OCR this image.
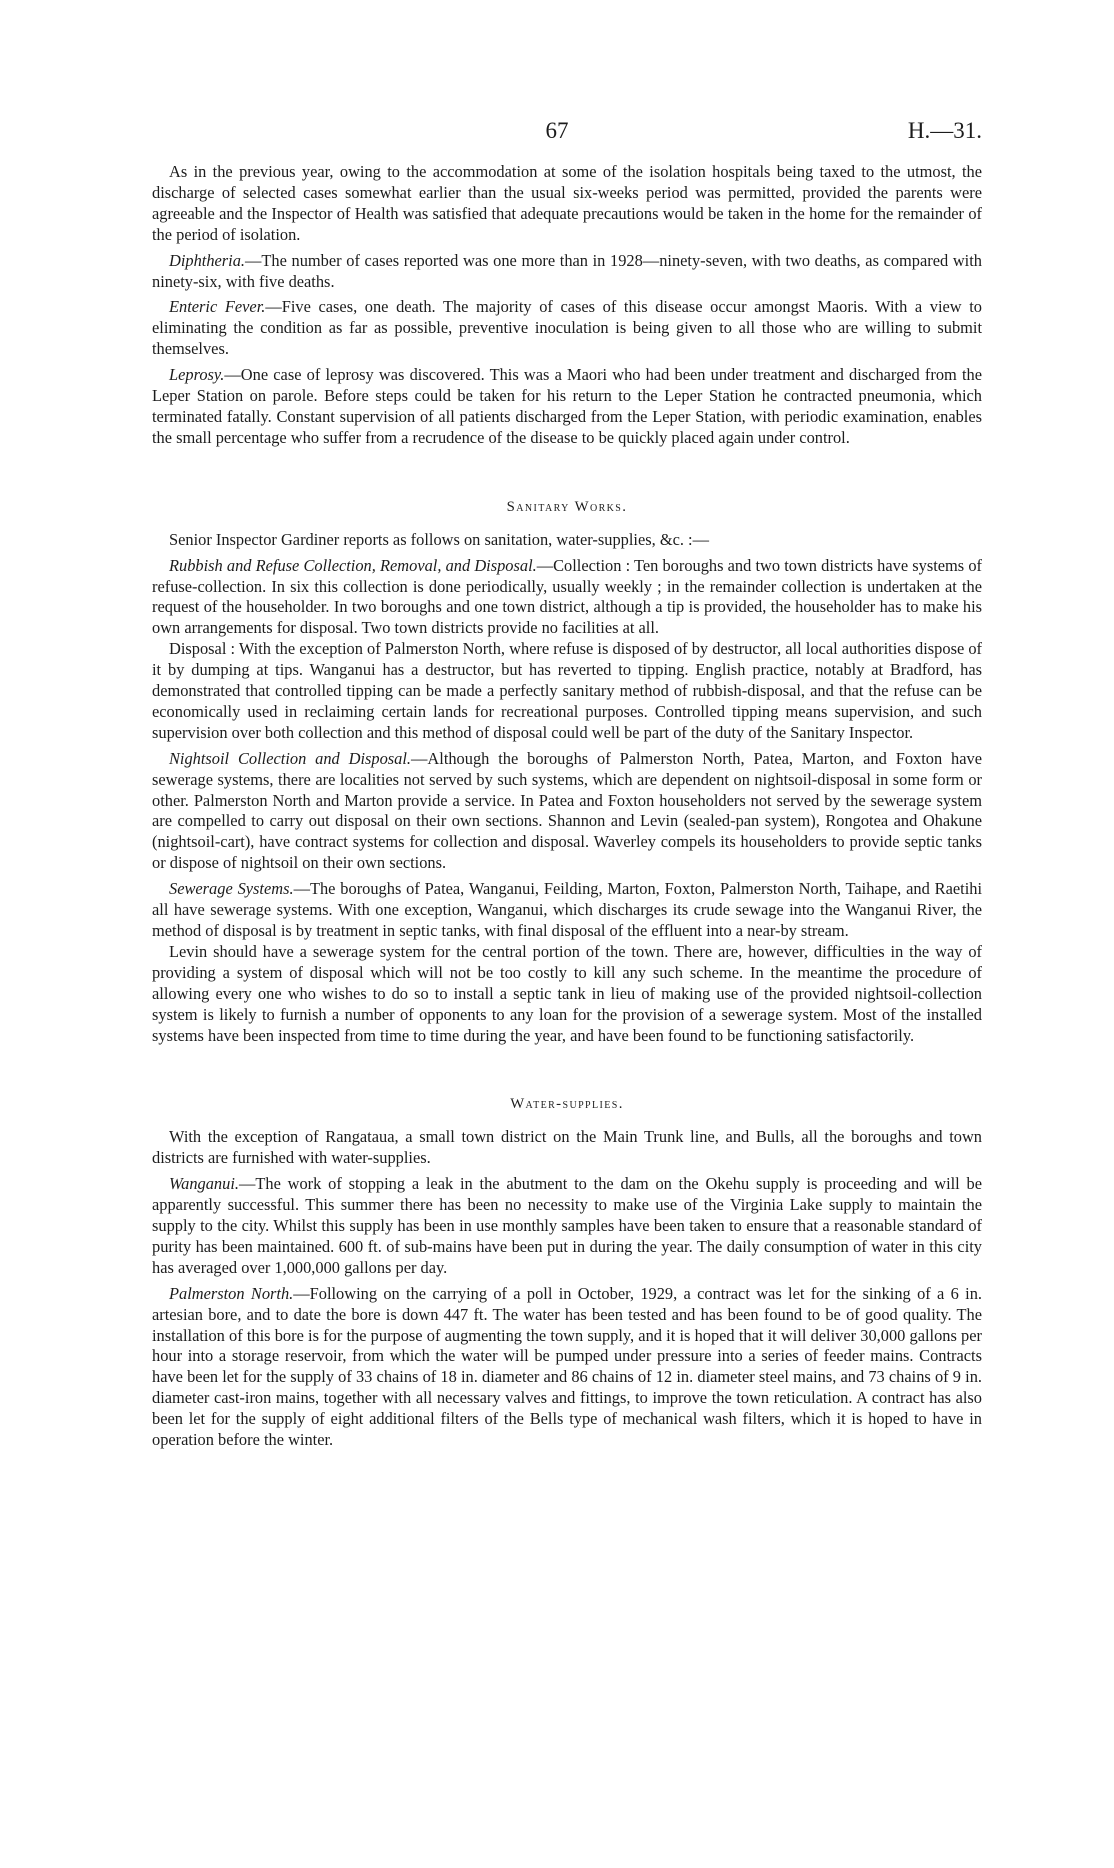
67	H.—31.

As in the previous year, owing to the accommodation at some of the isolation hospitals being taxed to the utmost, the discharge of selected cases somewhat earlier than the usual six-weeks period was permitted, provided the parents were agreeable and the Inspector of Health was satisfied that adequate precautions would be taken in the home for the remainder of the period of isolation.

Diphtheria.—The number of cases reported was one more than in 1928—ninety-seven, with two deaths, as compared with ninety-six, with five deaths.

Enteric Fever.—Five cases, one death. The majority of cases of this disease occur amongst Maoris. With a view to eliminating the condition as far as possible, preventive inoculation is being given to all those who are willing to submit themselves.

Leprosy.—One case of leprosy was discovered. This was a Maori who had been under treatment and discharged from the Leper Station on parole. Before steps could be taken for his return to the Leper Station he contracted pneumonia, which terminated fatally. Constant supervision of all patients discharged from the Leper Station, with periodic examination, enables the small percentage who suffer from a recrudence of the disease to be quickly placed again under control.

Sanitary Works.

Senior Inspector Gardiner reports as follows on sanitation, water-supplies, &c. :—

Rubbish and Refuse Collection, Removal, and Disposal.—Collection : Ten boroughs and two town districts have systems of refuse-collection. In six this collection is done periodically, usually weekly ; in the remainder collection is undertaken at the request of the householder. In two boroughs and one town district, although a tip is provided, the householder has to make his own arrangements for disposal. Two town districts provide no facilities at all.

Disposal : With the exception of Palmerston North, where refuse is disposed of by destructor, all local authorities dispose of it by dumping at tips. Wanganui has a destructor, but has reverted to tipping. English practice, notably at Bradford, has demonstrated that controlled tipping can be made a perfectly sanitary method of rubbish-disposal, and that the refuse can be economically used in reclaiming certain lands for recreational purposes. Controlled tipping means supervision, and such supervision over both collection and this method of disposal could well be part of the duty of the Sanitary Inspector.

Nightsoil Collection and Disposal.—Although the boroughs of Palmerston North, Patea, Marton, and Foxton have sewerage systems, there are localities not served by such systems, which are dependent on nightsoil-disposal in some form or other. Palmerston North and Marton provide a service. In Patea and Foxton householders not served by the sewerage system are compelled to carry out disposal on their own sections. Shannon and Levin (sealed-pan system), Rongotea and Ohakune (nightsoil-cart), have contract systems for collection and disposal. Waverley compels its householders to provide septic tanks or dispose of nightsoil on their own sections.

Sewerage Systems.—The boroughs of Patea, Wanganui, Feilding, Marton, Foxton, Palmerston North, Taihape, and Raetihi all have sewerage systems. With one exception, Wanganui, which discharges its crude sewage into the Wanganui River, the method of disposal is by treatment in septic tanks, with final disposal of the effluent into a near-by stream.

Levin should have a sewerage system for the central portion of the town. There are, however, difficulties in the way of providing a system of disposal which will not be too costly to kill any such scheme. In the meantime the procedure of allowing every one who wishes to do so to install a septic tank in lieu of making use of the provided nightsoil-collection system is likely to furnish a number of opponents to any loan for the provision of a sewerage system. Most of the installed systems have been inspected from time to time during the year, and have been found to be functioning satisfactorily.

Water-supplies.

With the exception of Rangataua, a small town district on the Main Trunk line, and Bulls, all the boroughs and town districts are furnished with water-supplies.

Wanganui.—The work of stopping a leak in the abutment to the dam on the Okehu supply is proceeding and will be apparently successful. This summer there has been no necessity to make use of the Virginia Lake supply to maintain the supply to the city. Whilst this supply has been in use monthly samples have been taken to ensure that a reasonable standard of purity has been maintained. 600 ft. of sub-mains have been put in during the year. The daily consumption of water in this city has averaged over 1,000,000 gallons per day.

Palmerston North.—Following on the carrying of a poll in October, 1929, a contract was let for the sinking of a 6 in. artesian bore, and to date the bore is down 447 ft. The water has been tested and has been found to be of good quality. The installation of this bore is for the purpose of augmenting the town supply, and it is hoped that it will deliver 30,000 gallons per hour into a storage reservoir, from which the water will be pumped under pressure into a series of feeder mains. Contracts have been let for the supply of 33 chains of 18 in. diameter and 86 chains of 12 in. diameter steel mains, and 73 chains of 9 in. diameter cast-iron mains, together with all necessary valves and fittings, to improve the town reticulation. A contract has also been let for the supply of eight additional filters of the Bells type of mechanical wash filters, which it is hoped to have in operation before the winter.
